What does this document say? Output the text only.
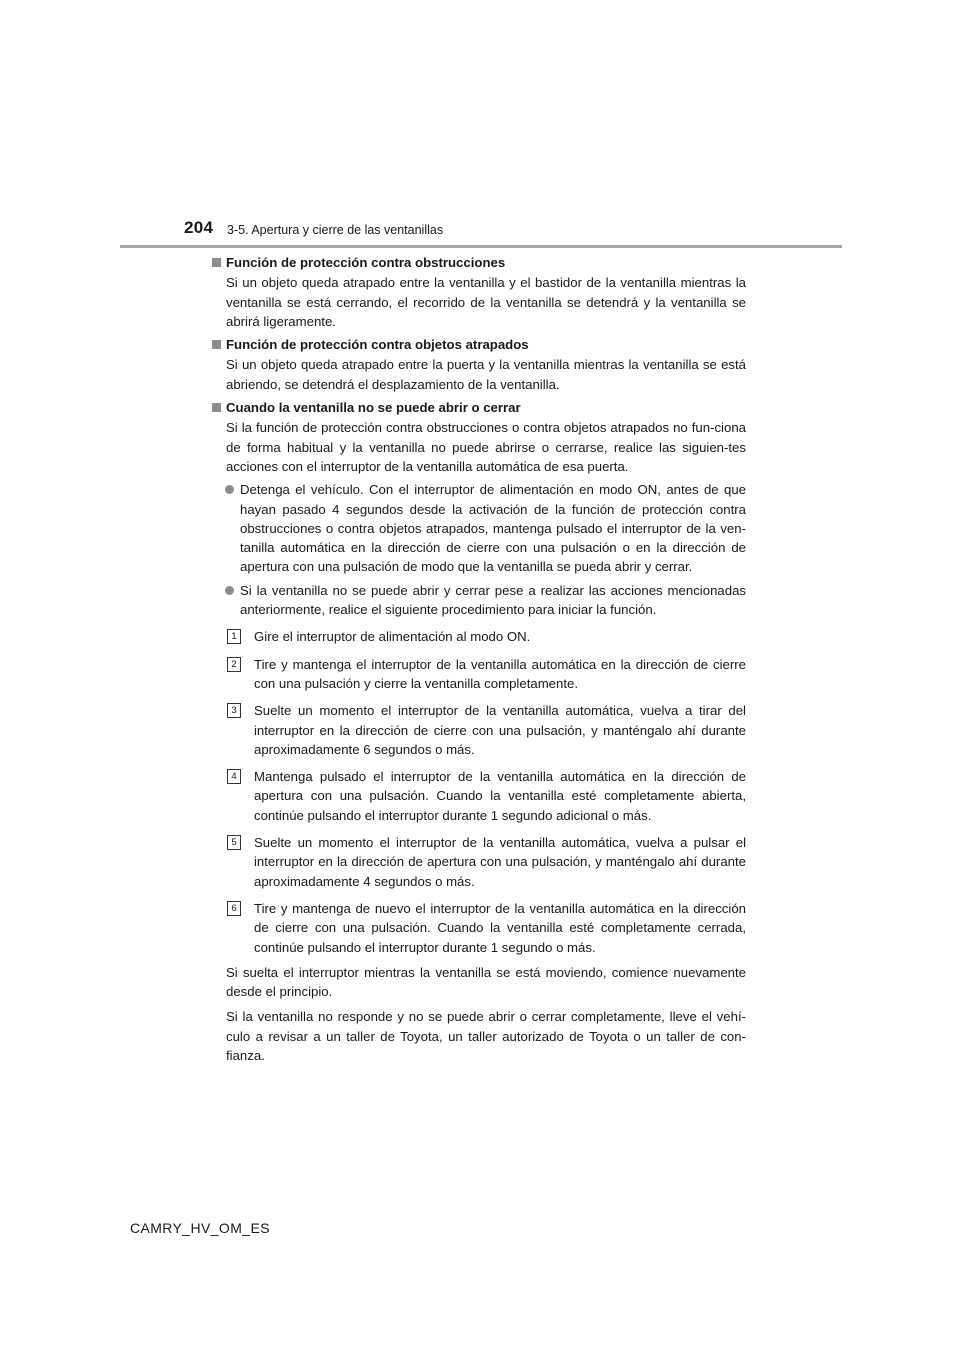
204 3-5. Apertura y cierre de las ventanillas
Función de protección contra obstrucciones
Si un objeto queda atrapado entre la ventanilla y el bastidor de la ventanilla mientras la ventanilla se está cerrando, el recorrido de la ventanilla se detendrá y la ventanilla se abrirá ligeramente.
Función de protección contra objetos atrapados
Si un objeto queda atrapado entre la puerta y la ventanilla mientras la ventanilla se está abriendo, se detendrá el desplazamiento de la ventanilla.
Cuando la ventanilla no se puede abrir o cerrar
Si la función de protección contra obstrucciones o contra objetos atrapados no fun-ciona de forma habitual y la ventanilla no puede abrirse o cerrarse, realice las siguien-tes acciones con el interruptor de la ventanilla automática de esa puerta.
Detenga el vehículo. Con el interruptor de alimentación en modo ON, antes de que hayan pasado 4 segundos desde la activación de la función de protección contra obstrucciones o contra objetos atrapados, mantenga pulsado el interruptor de la ven-tanilla automática en la dirección de cierre con una pulsación o en la dirección de apertura con una pulsación de modo que la ventanilla se pueda abrir y cerrar.
Si la ventanilla no se puede abrir y cerrar pese a realizar las acciones mencionadas anteriormente, realice el siguiente procedimiento para iniciar la función.
1	Gire el interruptor de alimentación al modo ON.
2	Tire y mantenga el interruptor de la ventanilla automática en la dirección de cierre con una pulsación y cierre la ventanilla completamente.
3	Suelte un momento el interruptor de la ventanilla automática, vuelva a tirar del interruptor en la dirección de cierre con una pulsación, y manténgalo ahí durante aproximadamente 6 segundos o más.
4	Mantenga pulsado el interruptor de la ventanilla automática en la dirección de apertura con una pulsación. Cuando la ventanilla esté completamente abierta, continúe pulsando el interruptor durante 1 segundo adicional o más.
5	Suelte un momento el interruptor de la ventanilla automática, vuelva a pulsar el interruptor en la dirección de apertura con una pulsación, y manténgalo ahí durante aproximadamente 4 segundos o más.
6	Tire y mantenga de nuevo el interruptor de la ventanilla automática en la dirección de cierre con una pulsación. Cuando la ventanilla esté completamente cerrada, continúe pulsando el interruptor durante 1 segundo o más.
Si suelta el interruptor mientras la ventanilla se está moviendo, comience nuevamente desde el principio.
Si la ventanilla no responde y no se puede abrir o cerrar completamente, lleve el vehí-culo a revisar a un taller de Toyota, un taller autorizado de Toyota o un taller de con-fianza.
CAMRY_HV_OM_ES
